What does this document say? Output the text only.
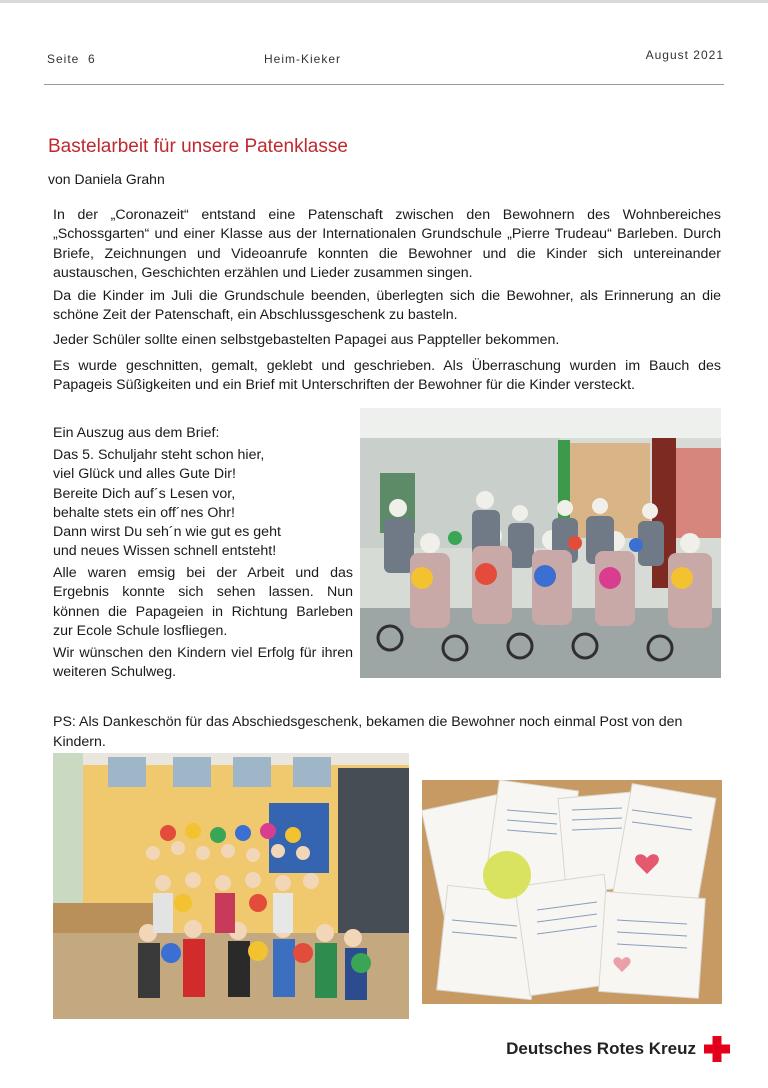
Seite  6	Heim-Kieker	August 2021
Bastelarbeit für unsere Patenklasse
von Daniela Grahn

In der „Coronazeit“ entstand eine Patenschaft zwischen den Bewohnern des Wohnbereiches „Schossgarten“ und einer Klasse aus der Internationalen Grundschule „Pierre Trudeau“ Barleben. Durch Briefe, Zeichnungen und Videoanrufe konnten die Bewohner und die Kinder sich untereinander austauschen, Geschichten erzählen und Lieder zusammen singen.

Da die Kinder im Juli die Grundschule beenden, überlegten sich die Bewohner, als Erinnerung an die schöne Zeit der Patenschaft, ein Abschlussgeschenk zu basteln.

Jeder Schüler sollte einen selbstgebastelten Papagei aus Pappteller bekommen.

Es wurde geschnitten, gemalt, geklebt und geschrieben. Als Überraschung wurden im Bauch des Papageis Süßigkeiten und ein Brief mit Unterschriften der Bewohner für die Kinder versteckt.

Ein Auszug aus dem Brief:

Das 5. Schuljahr steht schon hier,
viel Glück und alles Gute Dir!
Bereite Dich auf´s Lesen vor,
behalte stets ein off´nes Ohr!
Dann wirst Du seh´n wie gut es geht
und neues Wissen schnell entsteht!

Alle waren emsig bei der Arbeit und das Ergebnis konnte sich sehen lassen. Nun können die Papageien in Richtung Barleben zur Ecole Schule losfliegen.

Wir wünschen den Kindern viel Erfolg für ihren weiteren Schulweg.

PS: Als Dankeschön für das Abschiedsgeschenk, bekamen die Bewohner noch einmal Post von den Kindern.

Deutsches Rotes Kreuz
